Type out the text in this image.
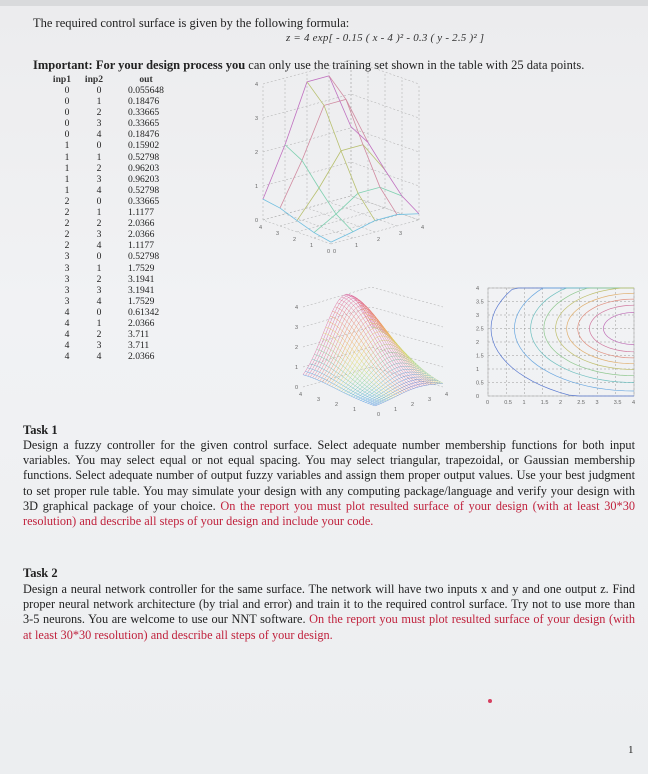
The required control surface is given by the following formula:
z = 4 exp[ - 0.15 ( x - 4 )² - 0.3 ( y - 2.5 )² ]
Important: For your design process you can only use the training set shown in the table with 25 data points.
inp1	inp2	out
0	0	0.055648
0	1	0.18476
0	2	0.33665
0	3	0.33665
0	4	0.18476
1	0	0.15902
1	1	0.52798
1	2	0.96203
1	3	0.96203
1	4	0.52798
2	0	0.33665
2	1	1.1177
2	2	2.0366
2	3	2.0366
2	4	1.1177
3	0	0.52798
3	1	1.7529
3	2	3.1941
3	3	3.1941
3	4	1.7529
4	0	0.61342
4	1	2.0366
4	2	3.711
4	3	3.711
4	4	2.0366
4
3
2
1
0
4
3
2
1
0
4
3
2
1
0
4
3
2
1
0
4
3
2
1
4
3
2
1
0
0	0.5 1	1.5 2	2.5 3	3.5 4
4
3.5
3
2.5
2
1.5
1
0.5
0
Task 1
Design a fuzzy controller for the given control surface. Select adequate number membership functions for both input variables. You may select equal or not equal spacing. You may select triangular, trapezoidal, or Gaussian membership functions. Select adequate number of output fuzzy variables and assign them proper output values. Use your best judgment to set proper rule table. You may simulate your design with any computing package/language and verify your design with 3D graphical package of your choice. On the report you must plot resulted surface of your design (with at least 30*30 resolution) and describe all steps of your design and include your code.
Task 2
Design a neural network controller for the same surface. The network will have two inputs x and y and one output z. Find proper neural network architecture (by trial and error) and train it to the required control surface. Try not to use more than 3-5 neurons. You are welcome to use our NNT software. On the report you must plot resulted surface of your design (with at least 30*30 resolution) and describe all steps of your design.
1
